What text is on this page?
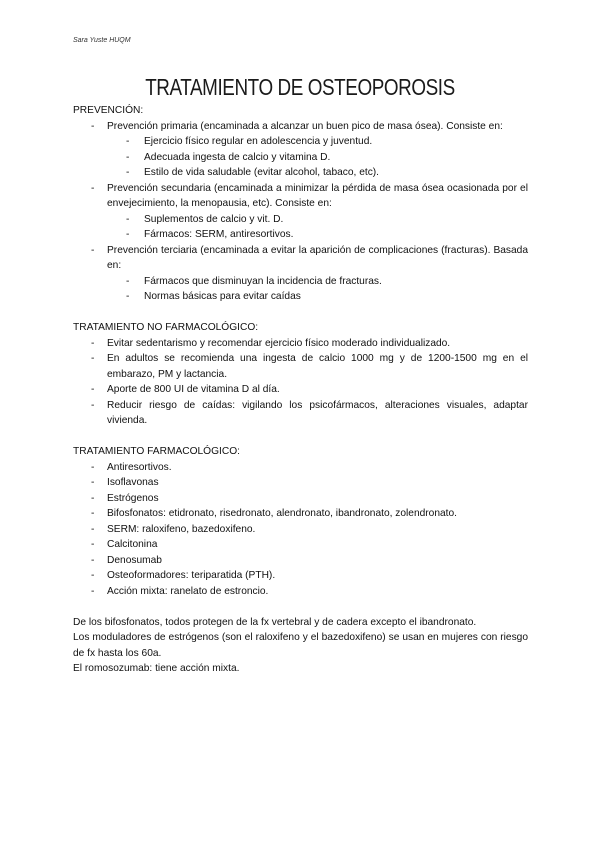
Sara Yuste HUQM
TRATAMIENTO DE OSTEOPOROSIS
PREVENCIÓN:
- Prevención primaria (encaminada a alcanzar un buen pico de masa ósea). Consiste en:
- Ejercicio físico regular en adolescencia y juventud.
- Adecuada ingesta de calcio y vitamina D.
- Estilo de vida saludable (evitar alcohol, tabaco, etc).
- Prevención secundaria (encaminada a minimizar la pérdida de masa ósea ocasionada por el envejecimiento, la menopausia, etc). Consiste en:
- Suplementos de calcio y vit. D.
- Fármacos: SERM, antiresortivos.
- Prevención terciaria (encaminada a evitar la aparición de complicaciones (fracturas). Basada en:
- Fármacos que disminuyan la incidencia de fracturas.
- Normas básicas para evitar caídas
TRATAMIENTO NO FARMACOLÓGICO:
- Evitar sedentarismo y recomendar ejercicio físico moderado individualizado.
- En adultos se recomienda una ingesta de calcio 1000 mg y de 1200-1500 mg en el embarazo, PM y lactancia.
- Aporte de 800 UI de vitamina D al día.
- Reducir riesgo de caídas: vigilando los psicofármacos, alteraciones visuales, adaptar vivienda.
TRATAMIENTO FARMACOLÓGICO:
- Antiresortivos.
- Isoflavonas
- Estrógenos
- Bifosfonatos: etidronato, risedronato, alendronato, ibandronato, zolendronato.
- SERM: raloxifeno, bazedoxifeno.
- Calcitonina
- Denosumab
- Osteoformadores: teriparatida (PTH).
- Acción mixta: ranelato de estroncio.

De los bifosfonatos, todos protegen de la fx vertebral y de cadera excepto el ibandronato.

Los moduladores de estrógenos (son el raloxifeno y el bazedoxifeno) se usan en mujeres con riesgo de fx hasta los 60a.

El romosozumab: tiene acción mixta.
